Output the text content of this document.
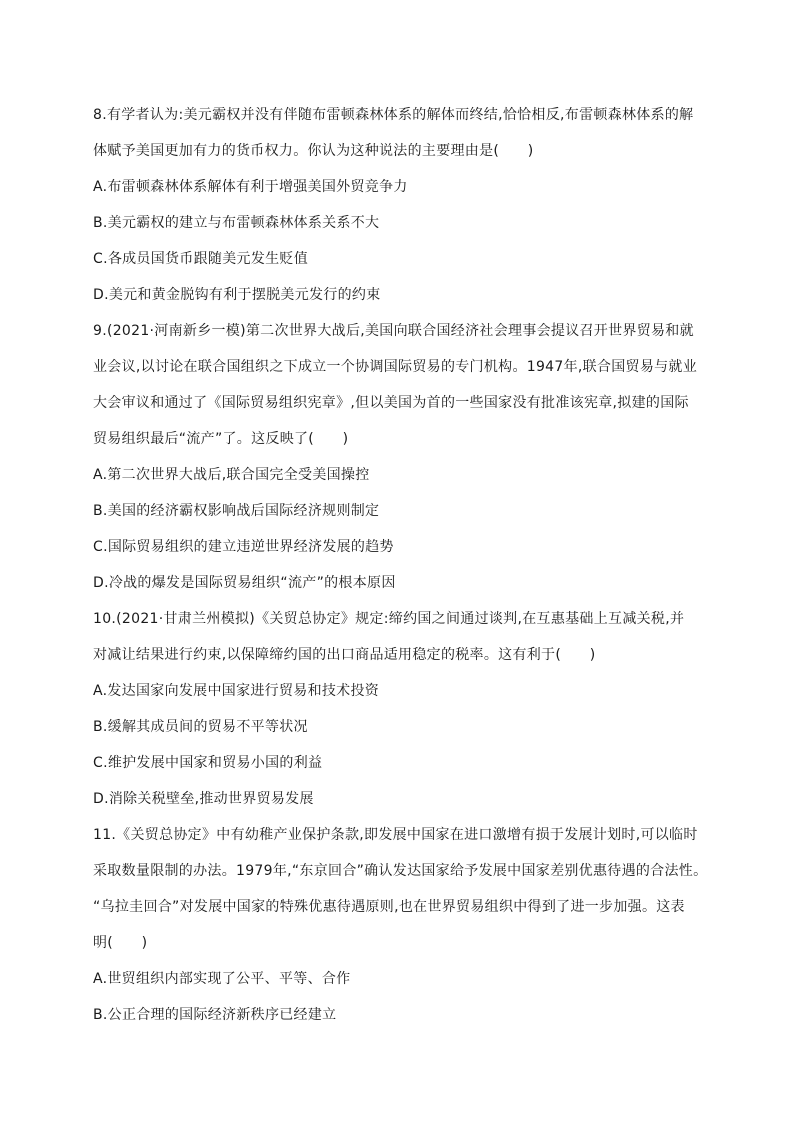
8.有学者认为:美元霸权并没有伴随布雷顿森林体系的解体而终结,恰恰相反,布雷顿森林体系的解
体赋予美国更加有力的货币权力。你认为这种说法的主要理由是(　　)
A.布雷顿森林体系解体有利于增强美国外贸竞争力
B.美元霸权的建立与布雷顿森林体系关系不大
C.各成员国货币跟随美元发生贬值
D.美元和黄金脱钩有利于摆脱美元发行的约束
9.(2021·河南新乡一模)第二次世界大战后,美国向联合国经济社会理事会提议召开世界贸易和就
业会议,以讨论在联合国组织之下成立一个协调国际贸易的专门机构。1947年,联合国贸易与就业
大会审议和通过了《国际贸易组织宪章》,但以美国为首的一些国家没有批准该宪章,拟建的国际
贸易组织最后“流产”了。这反映了(　　)
A.第二次世界大战后,联合国完全受美国操控
B.美国的经济霸权影响战后国际经济规则制定
C.国际贸易组织的建立违逆世界经济发展的趋势
D.冷战的爆发是国际贸易组织“流产”的根本原因
10.(2021·甘肃兰州模拟)《关贸总协定》规定:缔约国之间通过谈判,在互惠基础上互减关税,并
对减让结果进行约束,以保障缔约国的出口商品适用稳定的税率。这有利于(　　)
A.发达国家向发展中国家进行贸易和技术投资
B.缓解其成员间的贸易不平等状况
C.维护发展中国家和贸易小国的利益
D.消除关税壁垒,推动世界贸易发展
11.《关贸总协定》中有幼稚产业保护条款,即发展中国家在进口激增有损于发展计划时,可以临时
采取数量限制的办法。1979年,“东京回合”确认发达国家给予发展中国家差别优惠待遇的合法性。
“乌拉圭回合”对发展中国家的特殊优惠待遇原则,也在世界贸易组织中得到了进一步加强。这表
明(　　)
A.世贸组织内部实现了公平、平等、合作
B.公正合理的国际经济新秩序已经建立
